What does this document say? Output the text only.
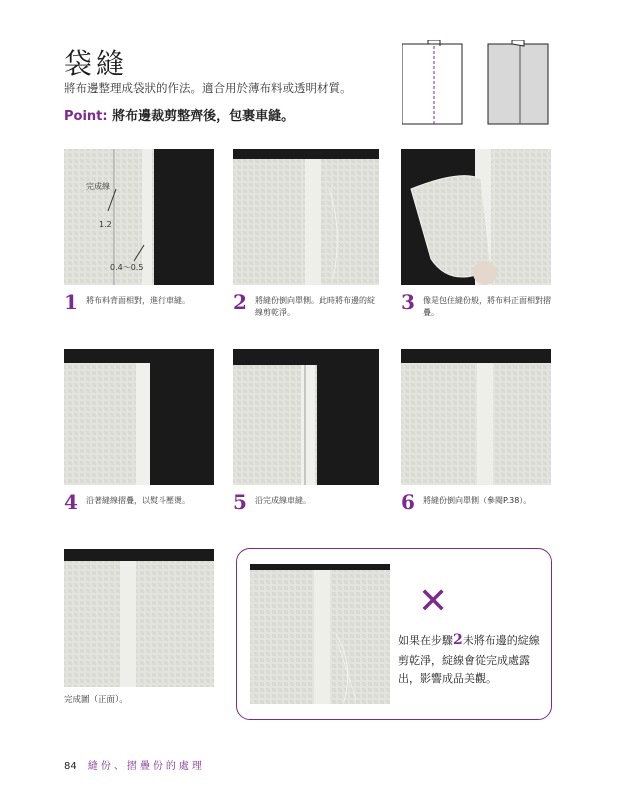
袋縫
將布邊整理成袋狀的作法。適合用於薄布料或透明材質。
Point: 將布邊裁剪整齊後，包裹車縫。
完成線
1.2
0.4～0.5
1 將布料背面相對，進行車縫。	2 將縫份倒向單側。此時將布邊的綻線剪乾淨。	3 像是包住縫份般，將布料正面相對摺疊。
4 沿著縫線摺疊，以熨斗壓燙。	5 沿完成線車縫。	6 將縫份倒向單側（參閱P.38）。
完成圖（正面）。
✕
如果在步驟2未將布邊的綻線剪乾淨，綻線會從完成處露出，影響成品美觀。
84 縫份、摺疊份的處理
